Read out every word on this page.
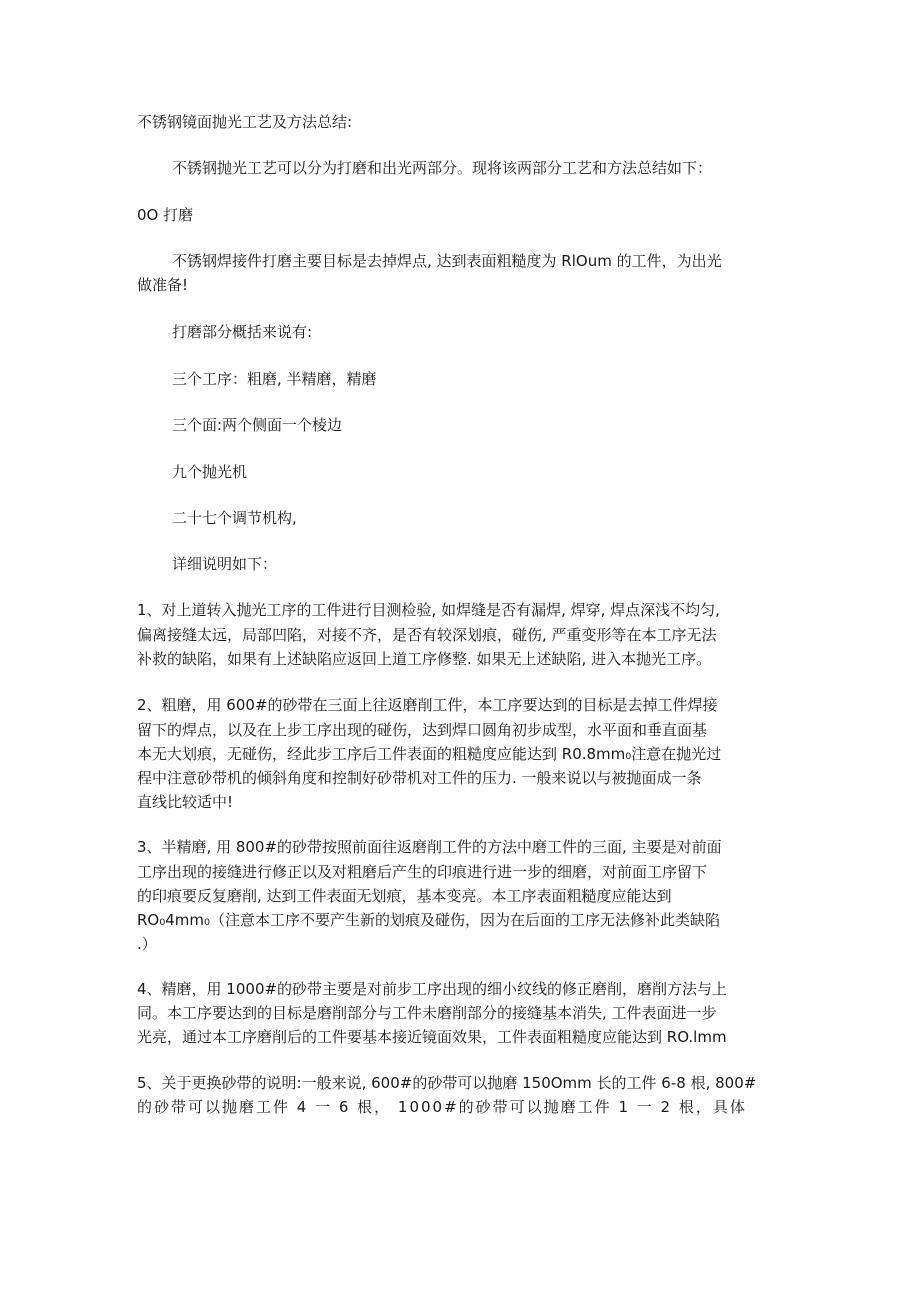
不锈钢镜面抛光工艺及方法总结:
不锈钢抛光工艺可以分为打磨和出光两部分。现将该两部分工艺和方法总结如下：
0O 打磨
不锈钢焊接件打磨主要目标是去掉焊点, 达到表面粗糙度为 RlOum 的工件，为出光
做准备!
打磨部分概括来说有:
三个工序：粗磨, 半精磨，精磨
三个面:两个侧面一个棱边
九个抛光机
二十七个调节机构,
详细说明如下：
1、对上道转入抛光工序的工件进行目测检验, 如焊缝是否有漏焊, 焊穿, 焊点深浅不均匀,
偏离接缝太远，局部凹陷，对接不齐，是否有较深划痕，碰伤, 严重变形等在本工序无法
补救的缺陷，如果有上述缺陷应返回上道工序修整. 如果无上述缺陷, 进入本抛光工序。
2、粗磨，用 600#的砂带在三面上往返磨削工件，本工序要达到的目标是去掉工件焊接
留下的焊点，以及在上步工序出现的碰伤，达到焊口圆角初步成型，水平面和垂直面基
本无大划痕，无碰伤，经此步工序后工件表面的粗糙度应能达到 R0.8mm₀注意在抛光过
程中注意砂带机的倾斜角度和控制好砂带机对工件的压力. 一般来说以与被抛面成一条
直线比较适中!
3、半精磨, 用 800#的砂带按照前面往返磨削工件的方法中磨工件的三面, 主要是对前面
工序出现的接缝进行修正以及对粗磨后产生的印痕进行进一步的细磨，对前面工序留下
的印痕要反复磨削, 达到工件表面无划痕，基本变亮。本工序表面粗糙度应能达到
RO₀4mm₀（注意本工序不要产生新的划痕及碰伤，因为在后面的工序无法修补此类缺陷
.）
4、精磨，用 1000#的砂带主要是对前步工序出现的细小纹线的修正磨削，磨削方法与上
同。本工序要达到的目标是磨削部分与工件未磨削部分的接缝基本消失, 工件表面进一步
光亮，通过本工序磨削后的工件要基本接近镜面效果，工件表面粗糙度应能达到 RO.lmm
5、关于更换砂带的说明:一般来说, 600#的砂带可以抛磨 150Omm 长的工件 6-8 根, 800#
的砂带可以抛磨工件 4 一 6 根， 1000#的砂带可以抛磨工件 1 一 2 根，具体
